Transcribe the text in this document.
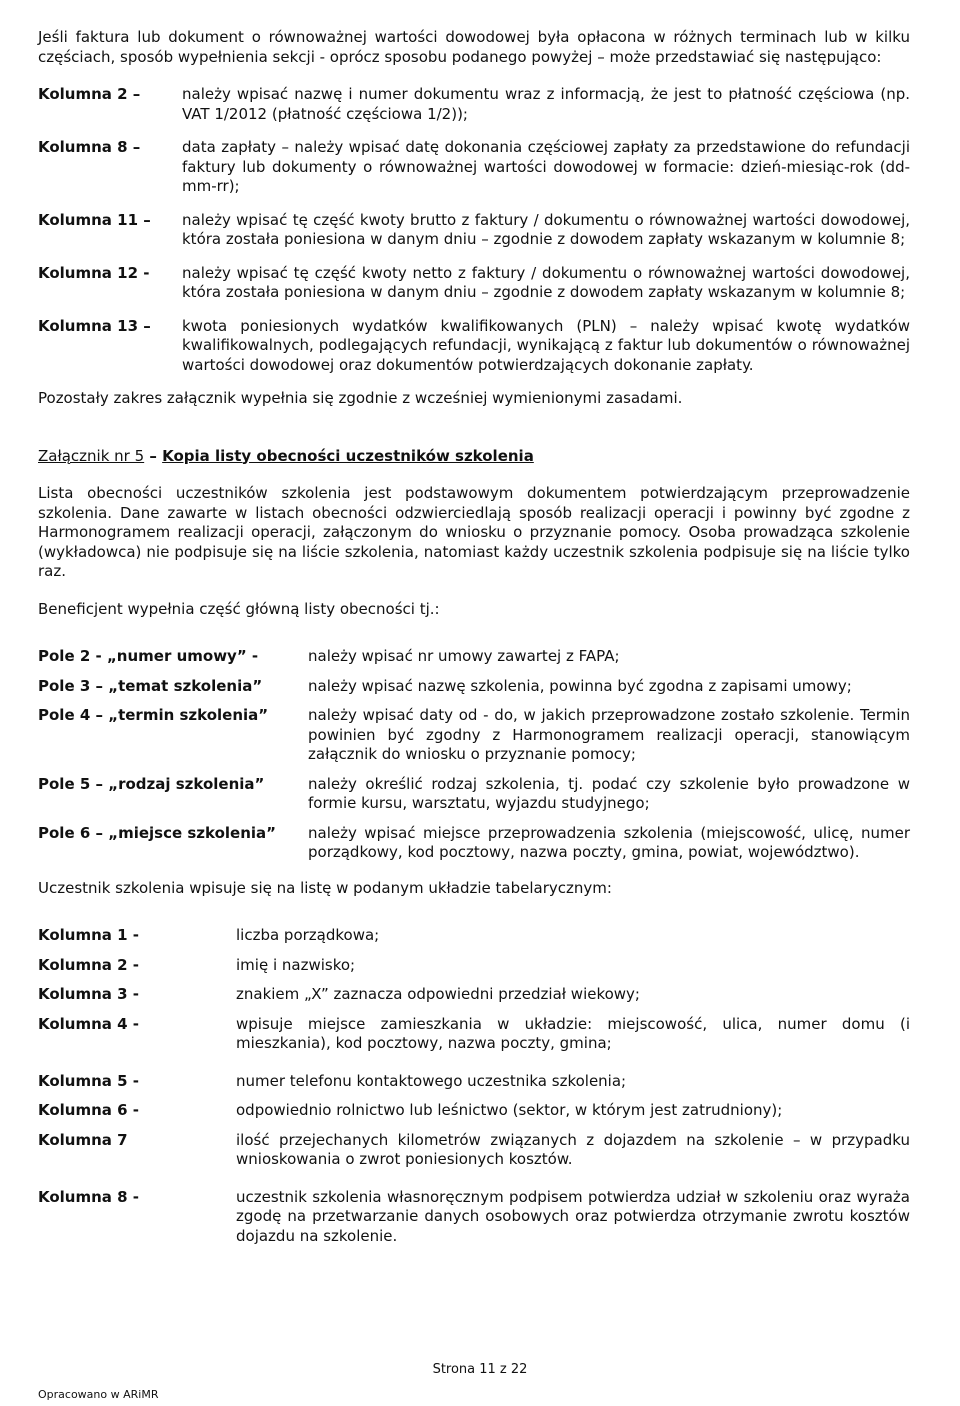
Jeśli faktura lub dokument o równoważnej wartości dowodowej była opłacona w różnych terminach lub w kilku częściach, sposób wypełnienia sekcji - oprócz sposobu podanego powyżej – może przedstawiać się następująco:

Kolumna 2 –	należy wpisać nazwę i numer dokumentu wraz z informacją, że jest to płatność częściowa (np. VAT 1/2012 (płatność częściowa 1/2));
Kolumna 8 –	data zapłaty – należy wpisać datę dokonania częściowej zapłaty za przedstawione do refundacji faktury lub dokumenty o równoważnej wartości dowodowej w formacie: dzień-miesiąc-rok (dd-mm-rr);
Kolumna 11 –	należy wpisać tę część kwoty brutto z faktury / dokumentu o równoważnej wartości dowodowej, która została poniesiona w danym dniu – zgodnie z dowodem zapłaty wskazanym w kolumnie 8;
Kolumna 12 -	należy wpisać tę część kwoty netto z faktury / dokumentu o równoważnej wartości dowodowej, która została poniesiona w danym dniu – zgodnie z dowodem zapłaty wskazanym w kolumnie 8;
Kolumna 13 –	kwota poniesionych wydatków kwalifikowanych (PLN) – należy wpisać kwotę wydatków kwalifikowalnych, podlegających refundacji, wynikającą z faktur lub dokumentów o równoważnej wartości dowodowej oraz dokumentów potwierdzających dokonanie zapłaty.

Pozostały zakres załącznik wypełnia się zgodnie z wcześniej wymienionymi zasadami.

Załącznik nr 5 – Kopia listy obecności uczestników szkolenia

Lista obecności uczestników szkolenia jest podstawowym dokumentem potwierdzającym przeprowadzenie szkolenia. Dane zawarte w listach obecności odzwierciedlają sposób realizacji operacji i powinny być zgodne z Harmonogramem realizacji operacji, załączonym do wniosku o przyznanie pomocy. Osoba prowadząca szkolenie (wykładowca) nie podpisuje się na liście szkolenia, natomiast każdy uczestnik szkolenia podpisuje się na liście tylko raz.

Beneficjent wypełnia część główną listy obecności tj.:

Pole 2 - „numer umowy” -	należy wpisać nr umowy zawartej z FAPA;
Pole 3 – „temat szkolenia”	należy wpisać nazwę szkolenia, powinna być zgodna z zapisami umowy;
Pole 4 – „termin szkolenia”	należy wpisać daty od - do, w jakich przeprowadzone zostało szkolenie. Termin powinien być zgodny z Harmonogramem realizacji operacji, stanowiącym załącznik do wniosku o przyznanie pomocy;
Pole 5 – „rodzaj szkolenia”	należy określić rodzaj szkolenia, tj. podać czy szkolenie było prowadzone w formie kursu, warsztatu, wyjazdu studyjnego;
Pole 6 – „miejsce szkolenia”	należy wpisać miejsce przeprowadzenia szkolenia (miejscowość, ulicę, numer porządkowy, kod pocztowy, nazwa poczty, gmina, powiat, województwo).

Uczestnik szkolenia wpisuje się na listę w podanym układzie tabelarycznym:

Kolumna 1 -	liczba porządkowa;
Kolumna 2 -	imię i nazwisko;
Kolumna 3 -	znakiem „X” zaznacza odpowiedni przedział wiekowy;
Kolumna 4 -	wpisuje miejsce zamieszkania w układzie: miejscowość, ulica, numer domu (i mieszkania), kod pocztowy, nazwa poczty, gmina;
Kolumna 5 -	numer telefonu kontaktowego uczestnika szkolenia;
Kolumna 6 -	odpowiednio rolnictwo lub leśnictwo (sektor, w którym jest zatrudniony);
Kolumna 7	ilość przejechanych kilometrów związanych z dojazdem na szkolenie – w przypadku wnioskowania o zwrot poniesionych kosztów.
Kolumna 8 -	uczestnik szkolenia własnoręcznym podpisem potwierdza udział w szkoleniu oraz wyraża zgodę na przetwarzanie danych osobowych oraz potwierdza otrzymanie zwrotu kosztów dojazdu na szkolenie.
Strona 11 z 22
Opracowano w ARiMR
